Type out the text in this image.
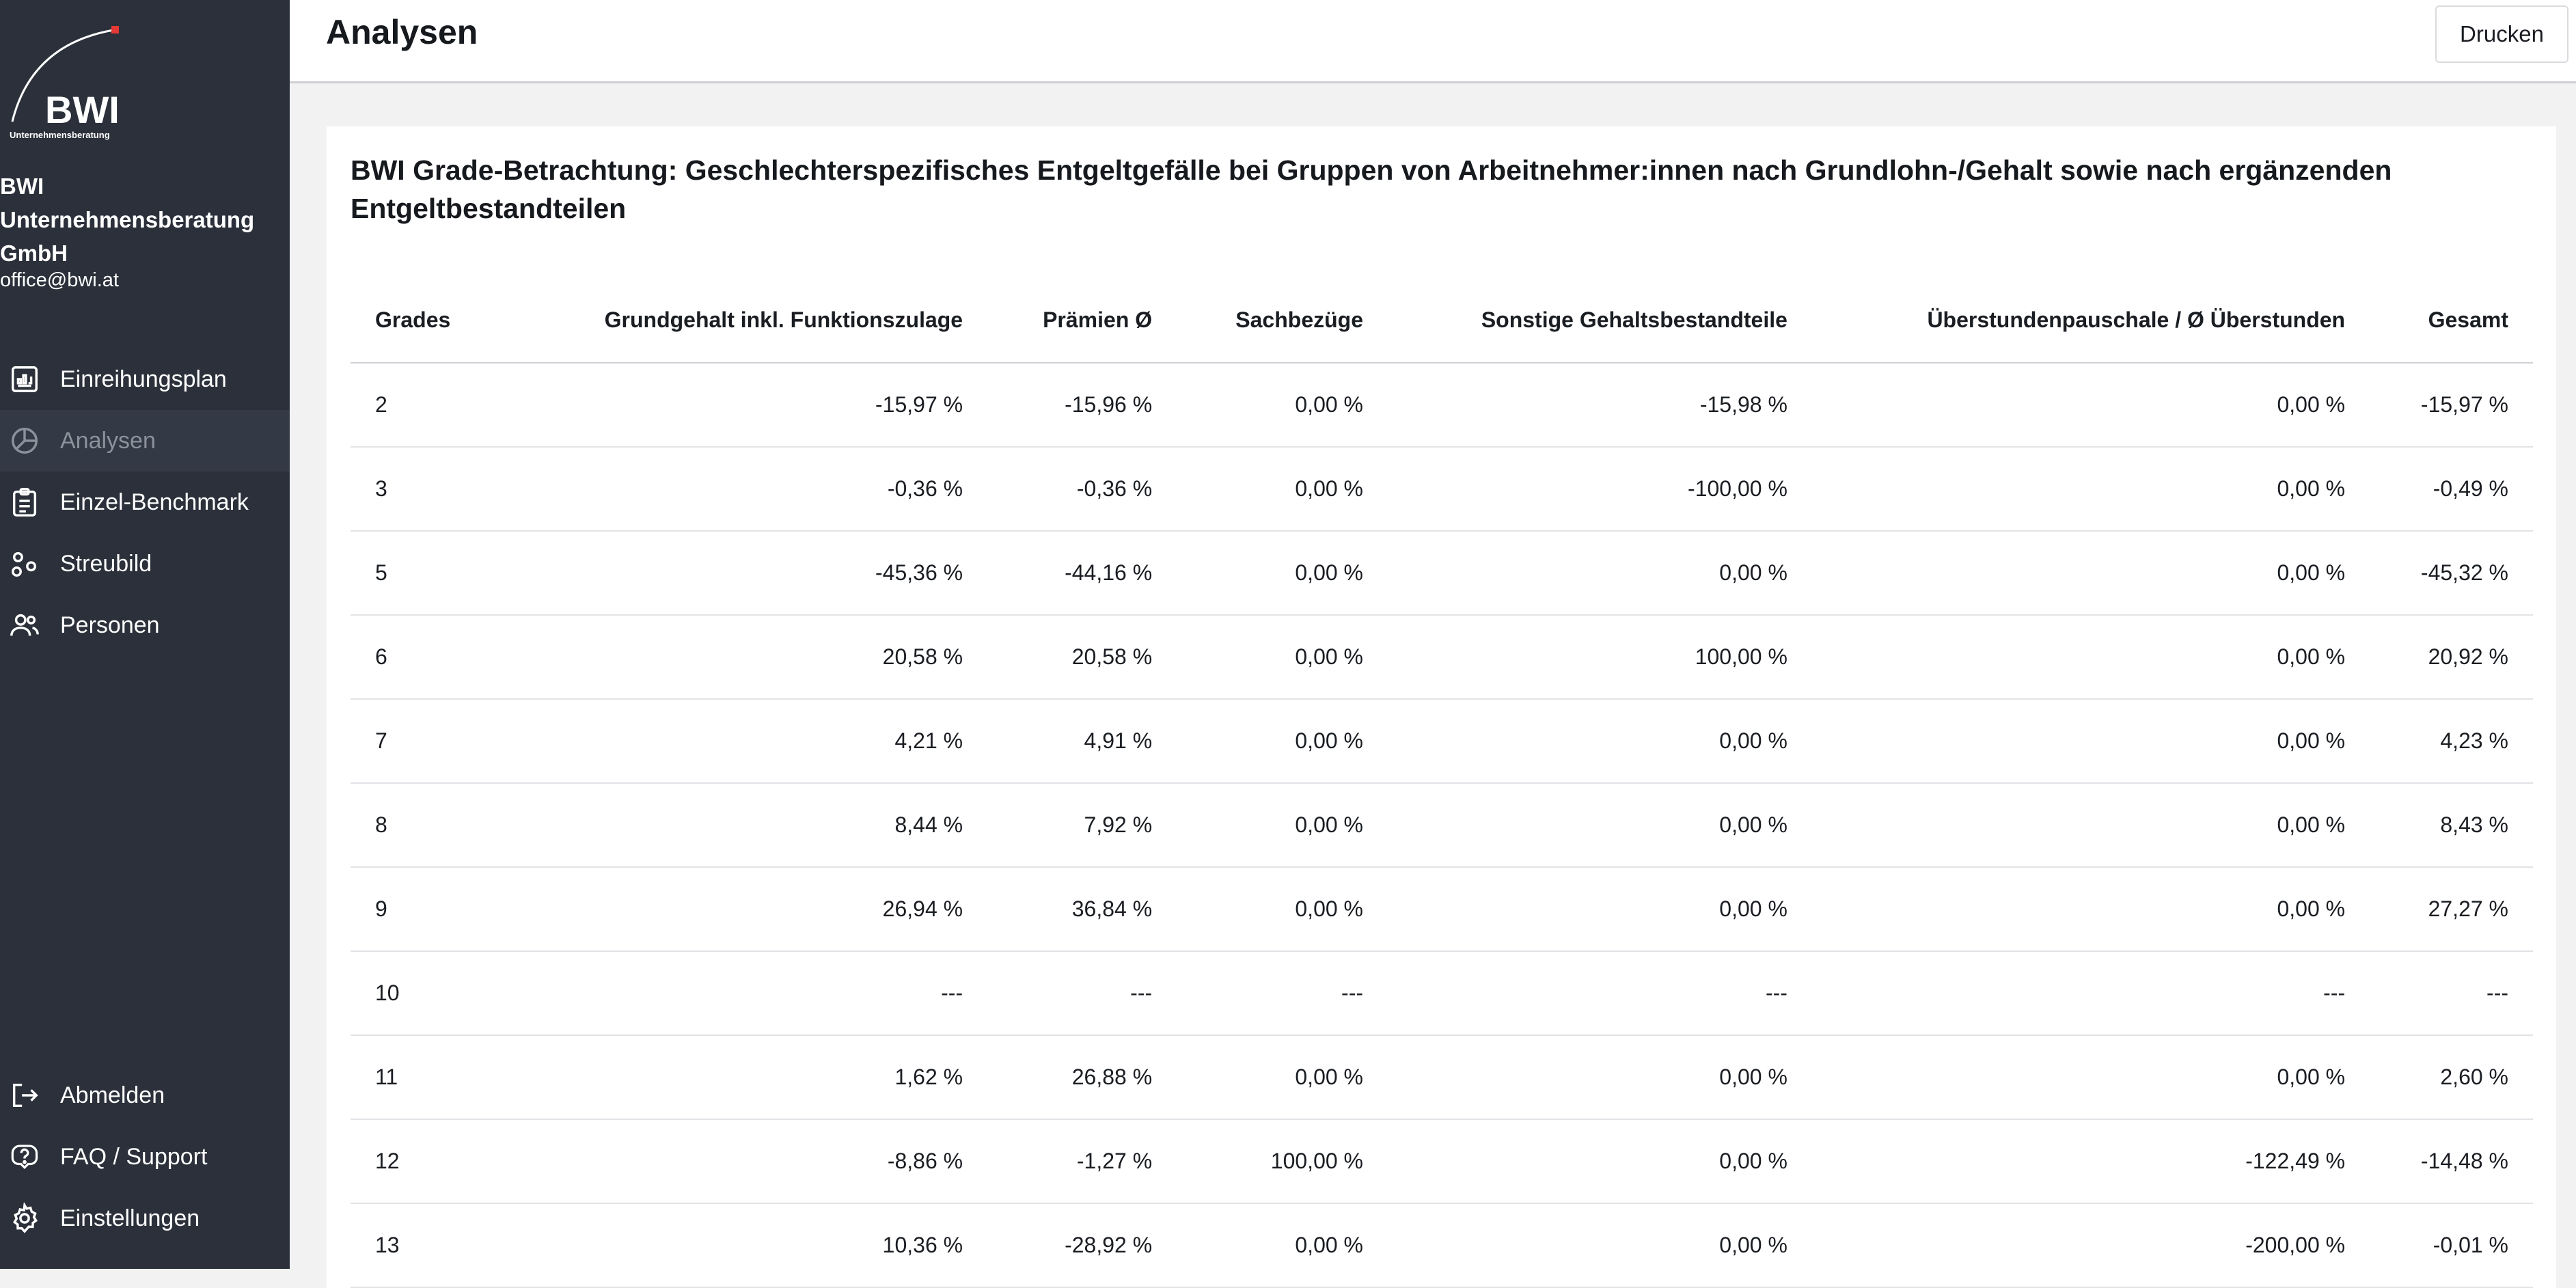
BWI
Unternehmensberatung
BWI
Unternehmensberatung
GmbH
office@bwi.at
Einreihungsplan
Analysen
Einzel-Benchmark
Streubild
Personen
Abmelden
FAQ / Support
Einstellungen
Analysen	Drucken
BWI Grade-Betrachtung: Geschlechterspezifisches Entgeltgefälle bei Gruppen von Arbeitnehmer:innen nach Grundlohn-/Gehalt sowie nach ergänzenden Entgeltbestandteilen
Grades	Grundgehalt inkl. Funktionszulage	Prämien Ø	Sachbezüge	Sonstige Gehaltsbestandteile	Überstundenpauschale / Ø Überstunden	Gesamt
2	-15,97 %	-15,96 %	0,00 %	-15,98 %	0,00 %	-15,97 %
3	-0,36 %	-0,36 %	0,00 %	-100,00 %	0,00 %	-0,49 %
5	-45,36 %	-44,16 %	0,00 %	0,00 %	0,00 %	-45,32 %
6	20,58 %	20,58 %	0,00 %	100,00 %	0,00 %	20,92 %
7	4,21 %	4,91 %	0,00 %	0,00 %	0,00 %	4,23 %
8	8,44 %	7,92 %	0,00 %	0,00 %	0,00 %	8,43 %
9	26,94 %	36,84 %	0,00 %	0,00 %	0,00 %	27,27 %
10	---	---	---	---	---	---
11	1,62 %	26,88 %	0,00 %	0,00 %	0,00 %	2,60 %
12	-8,86 %	-1,27 %	100,00 %	0,00 %	-122,49 %	-14,48 %
13	10,36 %	-28,92 %	0,00 %	0,00 %	-200,00 %	-0,01 %
